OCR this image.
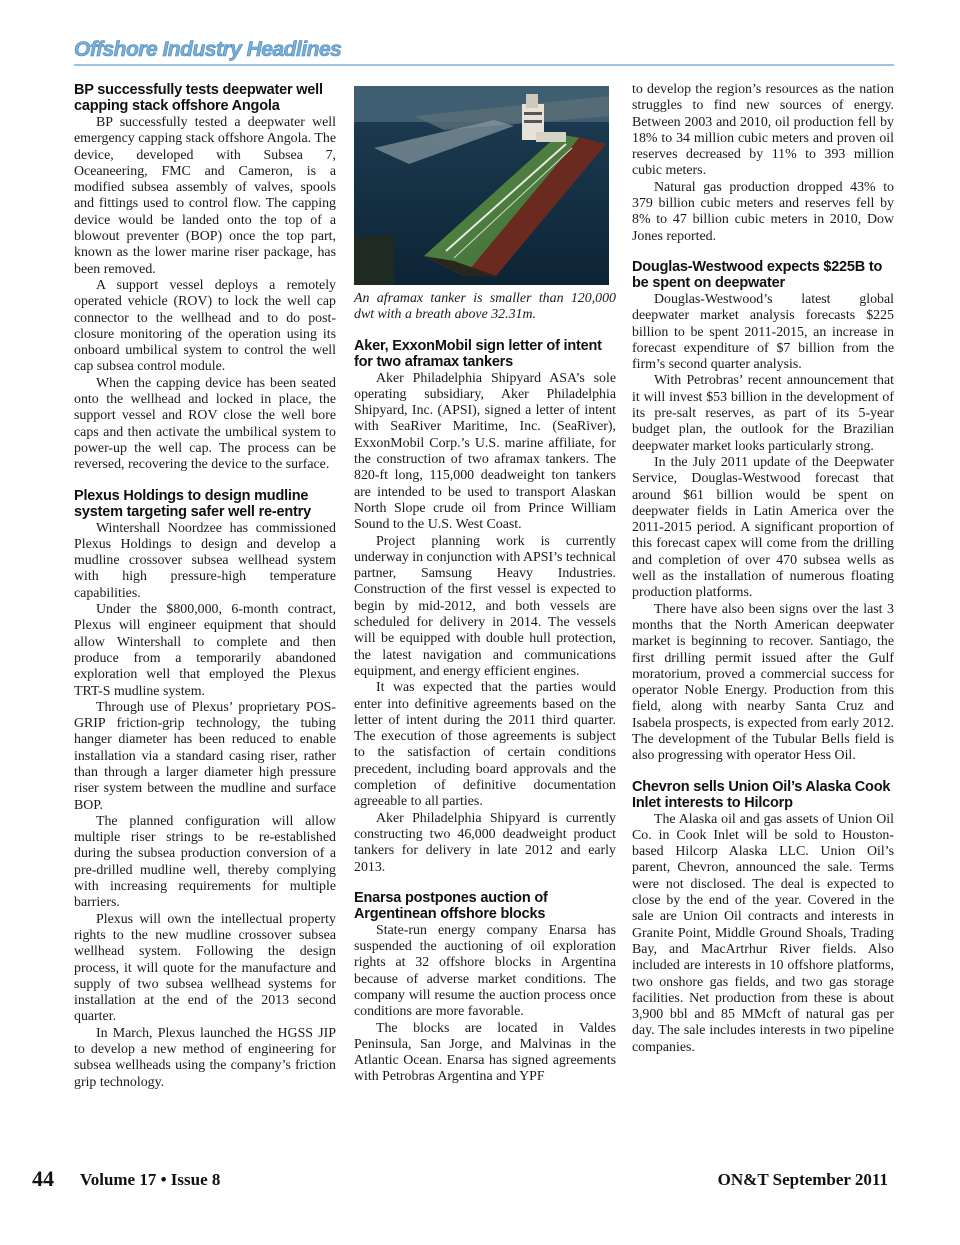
Offshore Industry Headlines
BP successfully tests deepwater well capping stack offshore Angola

BP successfully tested a deepwater well emergency capping stack offshore Angola. The device, developed with Subsea 7, Oceaneering, FMC and Cameron, is a modified subsea assembly of valves, spools and fittings used to control flow. The capping device would be landed onto the top of a blowout preventer (BOP) once the top part, known as the lower marine riser package, has been removed.

A support vessel deploys a remotely operated vehicle (ROV) to lock the well cap connector to the wellhead and to do post-closure monitoring of the operation using its onboard umbilical system to control the well cap subsea control module.

When the capping device has been seated onto the wellhead and locked in place, the support vessel and ROV close the well bore caps and then activate the umbilical system to power-up the well cap. The process can be reversed, recovering the device to the surface.

Plexus Holdings to design mudline system targeting safer well re-entry

Wintershall Noordzee has commissioned Plexus Holdings to design and develop a mudline crossover subsea wellhead system with high pressure-high temperature capabilities.

Under the $800,000, 6-month contract, Plexus will engineer equipment that should allow Wintershall to complete and then produce from a temporarily abandoned exploration well that employed the Plexus TRT-S mudline system.

Through use of Plexus’ proprietary POS-GRIP friction-grip technology, the tubing hanger diameter has been reduced to enable installation via a standard casing riser, rather than through a larger diameter high pressure riser system between the mudline and surface BOP.

The planned configuration will allow multiple riser strings to be re-established during the subsea production conversion of a pre-drilled mudline well, thereby complying with increasing requirements for multiple barriers.

Plexus will own the intellectual property rights to the new mudline crossover subsea wellhead system. Following the design process, it will quote for the manufacture and supply of two subsea wellhead systems for installation at the end of the 2013 second quarter.

In March, Plexus launched the HGSS JIP to develop a new method of engineering for subsea wellheads using the company’s friction grip technology.

An aframax tanker is smaller than 120,000 dwt with a breath above 32.31m.

Aker, ExxonMobil sign letter of intent for two aframax tankers

Aker Philadelphia Shipyard ASA’s sole operating subsidiary, Aker Philadelphia Shipyard, Inc. (APSI), signed a letter of intent with SeaRiver Maritime, Inc. (SeaRiver), ExxonMobil Corp.’s U.S. marine affiliate, for the construction of two aframax tankers. The 820-ft long, 115,000 deadweight ton tankers are intended to be used to transport Alaskan North Slope crude oil from Prince William Sound to the U.S. West Coast.

Project planning work is currently underway in conjunction with APSI’s technical partner, Samsung Heavy Industries. Construction of the first vessel is expected to begin by mid-2012, and both vessels are scheduled for delivery in 2014. The vessels will be equipped with double hull protection, the latest navigation and communications equipment, and energy efficient engines.

It was expected that the parties would enter into definitive agreements based on the letter of intent during the 2011 third quarter. The execution of those agreements is subject to the satisfaction of certain conditions precedent, including board approvals and the completion of definitive documentation agreeable to all parties.

Aker Philadelphia Shipyard is currently constructing two 46,000 deadweight product tankers for delivery in late 2012 and early 2013.

Enarsa postpones auction of Argentinean offshore blocks

State-run energy company Enarsa has suspended the auctioning of oil exploration rights at 32 offshore blocks in Argentina because of adverse market conditions. The company will resume the auction process once conditions are more favorable.

The blocks are located in Valdes Peninsula, San Jorge, and Malvinas in the Atlantic Ocean. Enarsa has signed agreements with Petrobras Argentina and YPF

to develop the region’s resources as the nation struggles to find new sources of energy. Between 2003 and 2010, oil production fell by 18% to 34 million cubic meters and proven oil reserves decreased by 11% to 393 million cubic meters.

Natural gas production dropped 43% to 379 billion cubic meters and reserves fell by 8% to 47 billion cubic meters in 2010, Dow Jones reported.

Douglas-Westwood expects $225B to be spent on deepwater

Douglas-Westwood’s latest global deepwater market analysis forecasts $225 billion to be spent 2011-2015, an increase in forecast expenditure of $7 billion from the firm’s second quarter analysis.

With Petrobras’ recent announcement that it will invest $53 billion in the development of its pre-salt reserves, as part of its 5-year budget plan, the outlook for the Brazilian deepwater market looks particularly strong.

In the July 2011 update of the Deepwater Service, Douglas-Westwood forecast that around $61 billion would be spent on deepwater fields in Latin America over the 2011-2015 period. A significant proportion of this forecast capex will come from the drilling and completion of over 470 subsea wells as well as the installation of numerous floating production platforms.

There have also been signs over the last 3 months that the North American deepwater market is beginning to recover. Santiago, the first drilling permit issued after the Gulf moratorium, proved a commercial success for operator Noble Energy. Production from this field, along with nearby Santa Cruz and Isabela prospects, is expected from early 2012. The development of the Tubular Bells field is also progressing with operator Hess Oil.

Chevron sells Union Oil’s Alaska Cook Inlet interests to Hilcorp

The Alaska oil and gas assets of Union Oil Co. in Cook Inlet will be sold to Houston-based Hilcorp Alaska LLC. Union Oil’s parent, Chevron, announced the sale. Terms were not disclosed. The deal is expected to close by the end of the year. Covered in the sale are Union Oil contracts and interests in Granite Point, Middle Ground Shoals, Trading Bay, and MacArtrhur River fields. Also included are interests in 10 offshore platforms, two onshore gas fields, and two gas storage facilities. Net production from these is about 3,900 bbl and 85 MMcft of natural gas per day. The sale includes interests in two pipeline companies.

44 Volume 17 • Issue 8	ON&T September 2011
